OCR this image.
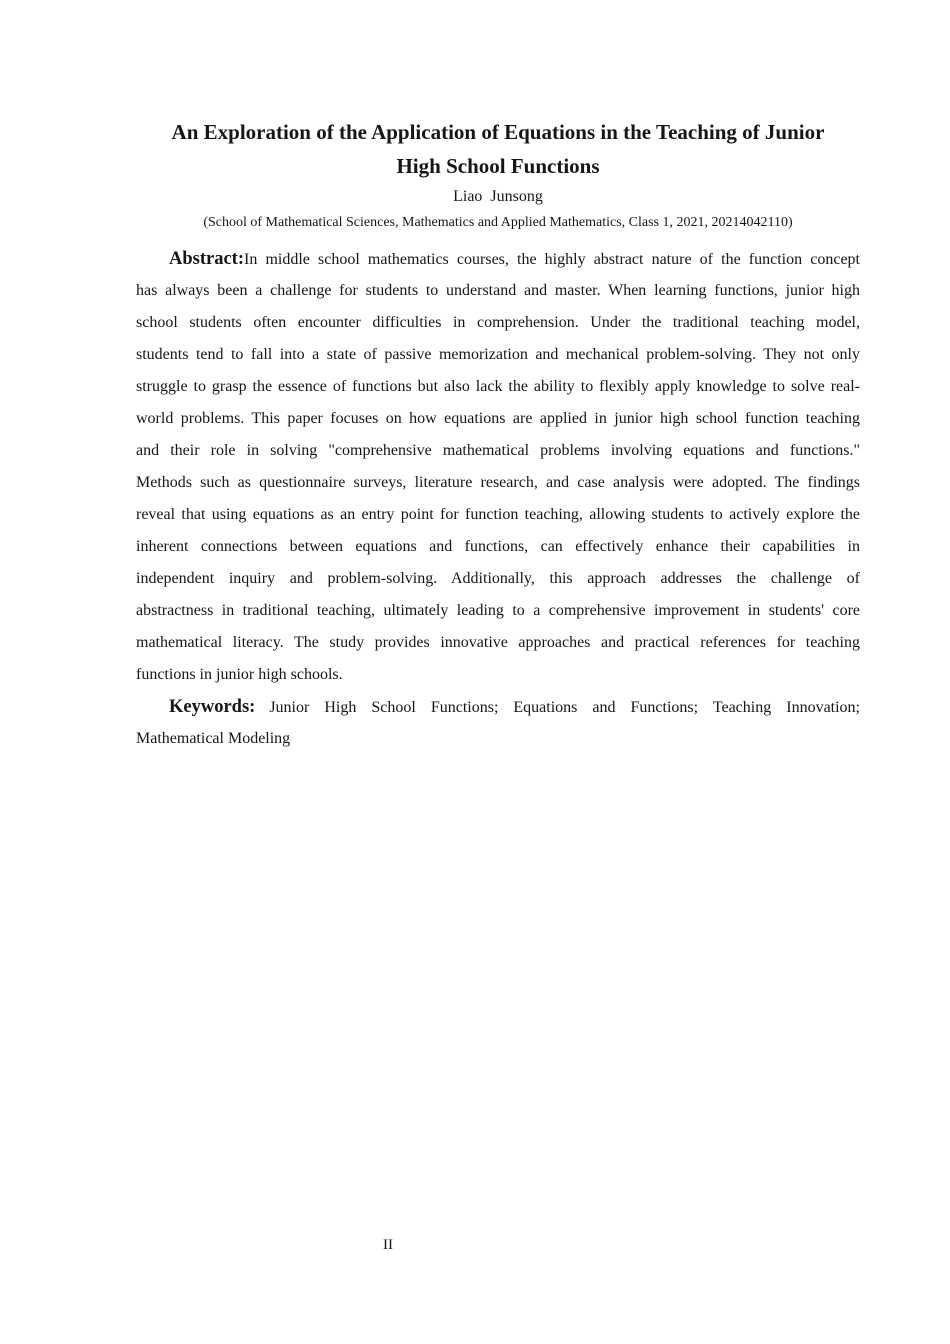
An Exploration of the Application of Equations in the Teaching of Junior
High School Functions
Liao  Junsong
(School of Mathematical Sciences, Mathematics and Applied Mathematics, Class 1, 2021, 20214042110)
Abstract:In middle school mathematics courses, the highly abstract nature of the function concept
has always been a challenge for students to understand and master. When learning functions, junior high
school students often encounter difficulties in comprehension. Under the traditional teaching model,
students tend to fall into a state of passive memorization and mechanical problem-solving. They not only
struggle to grasp the essence of functions but also lack the ability to flexibly apply knowledge to solve real-
world problems. This paper focuses on how equations are applied in junior high school function teaching
and their role in solving "comprehensive mathematical problems involving equations and functions."
Methods such as questionnaire surveys, literature research, and case analysis were adopted. The findings
reveal that using equations as an entry point for function teaching, allowing students to actively explore the
inherent connections between equations and functions, can effectively enhance their capabilities in
independent inquiry and problem-solving. Additionally, this approach addresses the challenge of
abstractness in traditional teaching, ultimately leading to a comprehensive improvement in students' core
mathematical literacy. The study provides innovative approaches and practical references for teaching
functions in junior high schools.
Keywords: Junior High School Functions; Equations and Functions; Teaching Innovation;
Mathematical Modeling
II
